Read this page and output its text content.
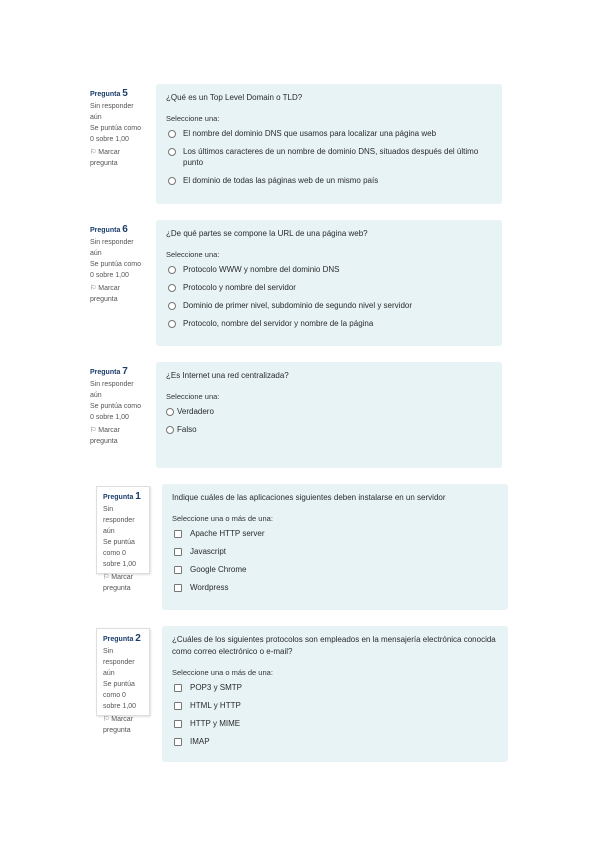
Pregunta 5
Sin responder aún
Se puntúa como 0 sobre 1,00
⚐ Marcar pregunta
¿Qué es un Top Level Domain o TLD?
Seleccione una:
El nombre del dominio DNS que usamos para localizar una página web
Los últimos caracteres de un nombre de dominio DNS, situados después del último punto
El dominio de todas las páginas web de un mismo país
Pregunta 6
Sin responder aún
Se puntúa como 0 sobre 1,00
⚐ Marcar pregunta
¿De qué partes se compone la URL de una página web?
Seleccione una:
Protocolo WWW y nombre del dominio DNS
Protocolo y nombre del servidor
Dominio de primer nivel, subdominio de segundo nivel y servidor
Protocolo, nombre del servidor y nombre de la página
Pregunta 7
Sin responder aún
Se puntúa como 0 sobre 1,00
⚐ Marcar pregunta
¿Es Internet una red centralizada?
Seleccione una:
Verdadero
Falso
Pregunta 1
Sin responder aún
Se puntúa como 0 sobre 1,00
⚐ Marcar pregunta
Indique cuáles de las aplicaciones siguientes deben instalarse en un servidor
Seleccione una o más de una:
Apache HTTP server
Javascript
Google Chrome
Wordpress
Pregunta 2
Sin responder aún
Se puntúa como 0 sobre 1,00
⚐ Marcar pregunta
¿Cuáles de los siguientes protocolos son empleados en la mensajería electrónica conocida como correo electrónico o e-mail?
Seleccione una o más de una:
POP3 y SMTP
HTML y HTTP
HTTP y MIME
IMAP
